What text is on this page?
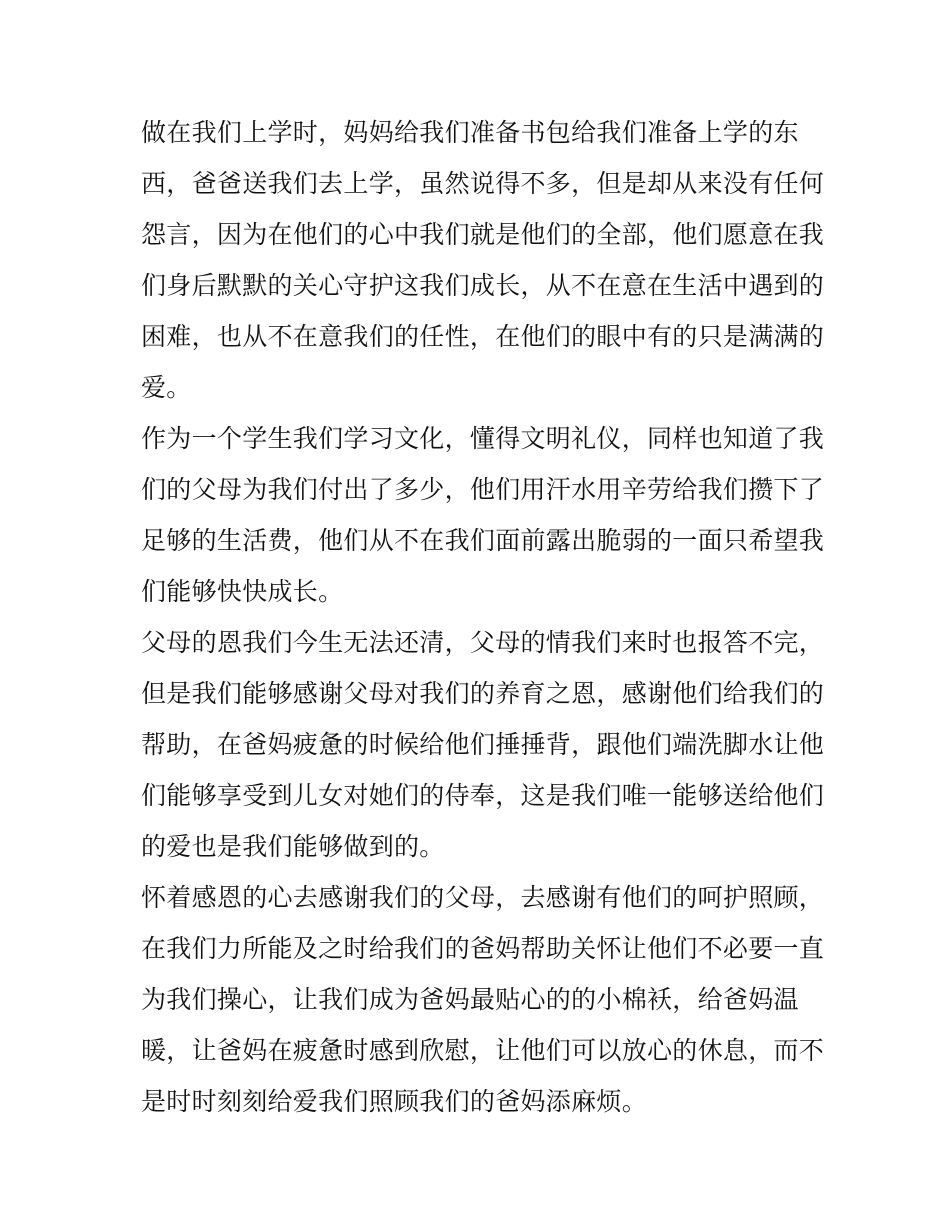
做在我们上学时，妈妈给我们准备书包给我们准备上学的东
西，爸爸送我们去上学，虽然说得不多，但是却从来没有任何
怨言，因为在他们的心中我们就是他们的全部，他们愿意在我
们身后默默的关心守护这我们成长，从不在意在生活中遇到的
困难，也从不在意我们的任性，在他们的眼中有的只是满满的
爱。
作为一个学生我们学习文化，懂得文明礼仪，同样也知道了我
们的父母为我们付出了多少，他们用汗水用辛劳给我们攒下了
足够的生活费，他们从不在我们面前露出脆弱的一面只希望我
们能够快快成长。
父母的恩我们今生无法还清，父母的情我们来时也报答不完，
但是我们能够感谢父母对我们的养育之恩，感谢他们给我们的
帮助，在爸妈疲惫的时候给他们捶捶背，跟他们端洗脚水让他
们能够享受到儿女对她们的侍奉，这是我们唯一能够送给他们
的爱也是我们能够做到的。
怀着感恩的心去感谢我们的父母，去感谢有他们的呵护照顾，
在我们力所能及之时给我们的爸妈帮助关怀让他们不必要一直
为我们操心，让我们成为爸妈最贴心的的小棉袄，给爸妈温
暖，让爸妈在疲惫时感到欣慰，让他们可以放心的休息，而不
是时时刻刻给爱我们照顾我们的爸妈添麻烦。
